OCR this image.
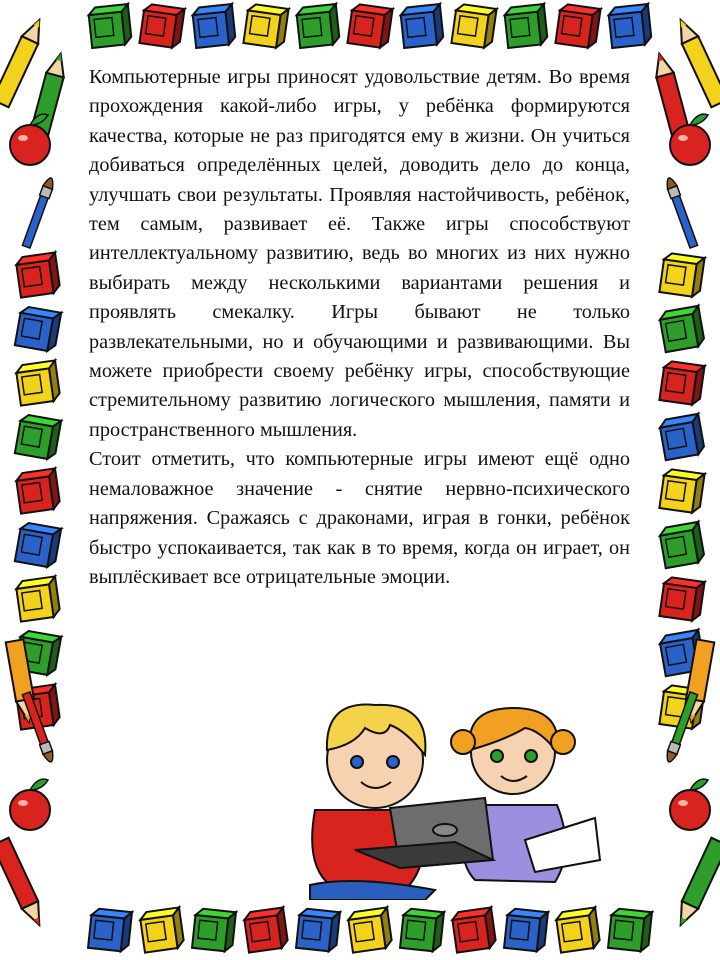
Компьютерные игры приносят удовольствие детям. Во время прохождения какой-либо игры, у ребёнка формируются качества, которые не раз пригодятся ему в жизни. Он учиться добиваться определённых целей, доводить дело до конца, улучшать свои результаты. Проявляя настойчивость, ребёнок, тем самым, развивает её. Также игры способствуют интеллектуальному развитию, ведь во многих из них нужно выбирать между несколькими вариантами решения и проявлять смекалку. Игры бывают не только развлекательными, но и обучающими и развивающими. Вы можете приобрести своему ребёнку игры, способствующие стремительному развитию логического мышления, памяти и пространственного мышления.

Стоит отметить, что компьютерные игры имеют ещё одно немаловажное значение - снятие нервно-психического напряжения. Сражаясь с драконами, играя в гонки, ребёнок быстро успокаивается, так как в то время, когда он играет, он выплёскивает все отрицательные эмоции.
